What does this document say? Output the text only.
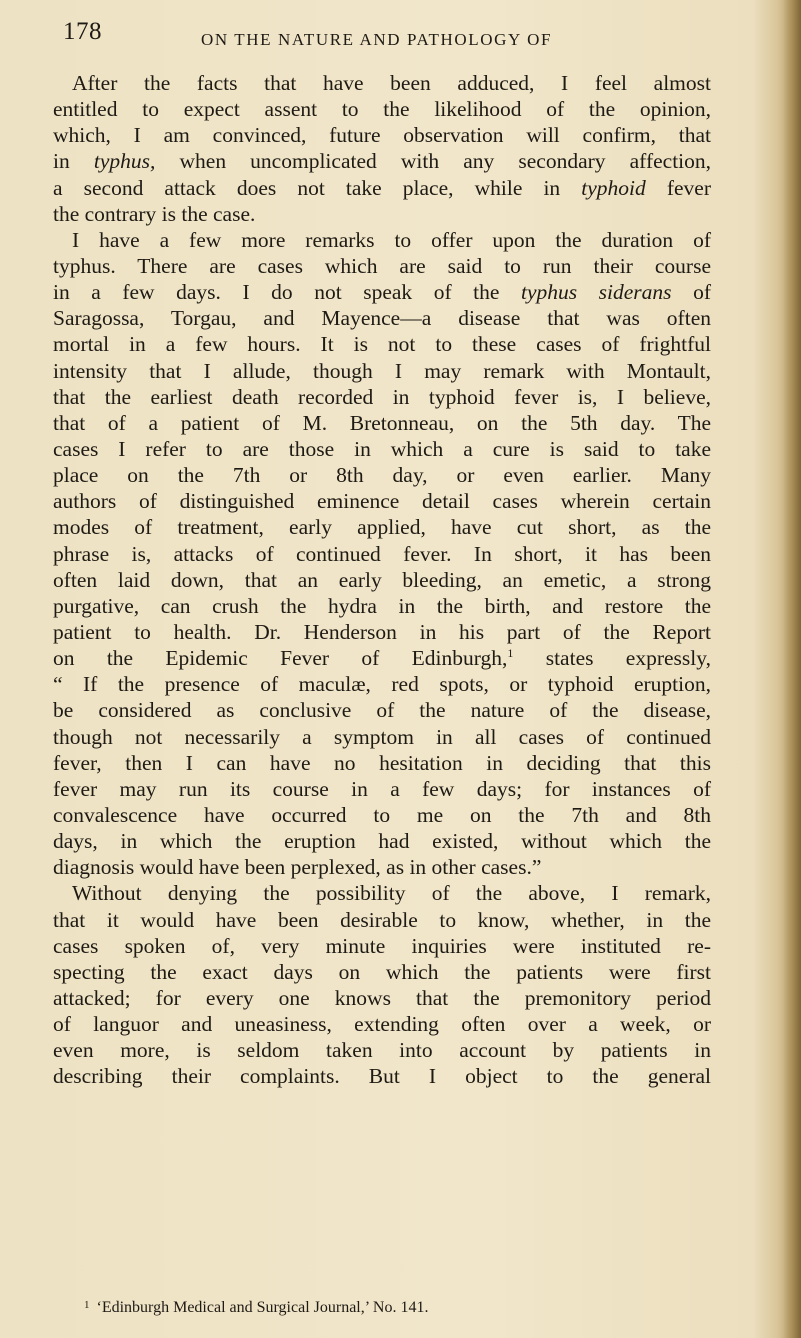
178	ON THE NATURE AND PATHOLOGY OF
After the facts that have been adduced, I feel almost
entitled to expect assent to the likelihood of the opinion,
which, I am convinced, future observation will confirm, that
in typhus, when uncomplicated with any secondary affection,
a second attack does not take place, while in typhoid fever
the contrary is the case.
I have a few more remarks to offer upon the duration of
typhus. There are cases which are said to run their course
in a few days. I do not speak of the typhus siderans of
Saragossa, Torgau, and Mayence—a disease that was often
mortal in a few hours. It is not to these cases of frightful
intensity that I allude, though I may remark with Montault,
that the earliest death recorded in typhoid fever is, I believe,
that of a patient of M. Bretonneau, on the 5th day. The
cases I refer to are those in which a cure is said to take
place on the 7th or 8th day, or even earlier. Many
authors of distinguished eminence detail cases wherein certain
modes of treatment, early applied, have cut short, as the
phrase is, attacks of continued fever. In short, it has been
often laid down, that an early bleeding, an emetic, a strong
purgative, can crush the hydra in the birth, and restore the
patient to health. Dr. Henderson in his part of the Report
on the Epidemic Fever of Edinburgh,$^1$ states expressly,
“ If the presence of maculæ, red spots, or typhoid eruption,
be considered as conclusive of the nature of the disease,
though not necessarily a symptom in all cases of continued
fever, then I can have no hesitation in deciding that this
fever may run its course in a few days; for instances of
convalescence have occurred to me on the 7th and 8th
days, in which the eruption had existed, without which the
diagnosis would have been perplexed, as in other cases.”
Without denying the possibility of the above, I remark,
that it would have been desirable to know, whether, in the
cases spoken of, very minute inquiries were instituted re-
specting the exact days on which the patients were first
attacked; for every one knows that the premonitory period
of languor and uneasiness, extending often over a week, or
even more, is seldom taken into account by patients in
describing their complaints. But I object to the general
$^1$ ‘Edinburgh Medical and Surgical Journal,’ No. 141.
